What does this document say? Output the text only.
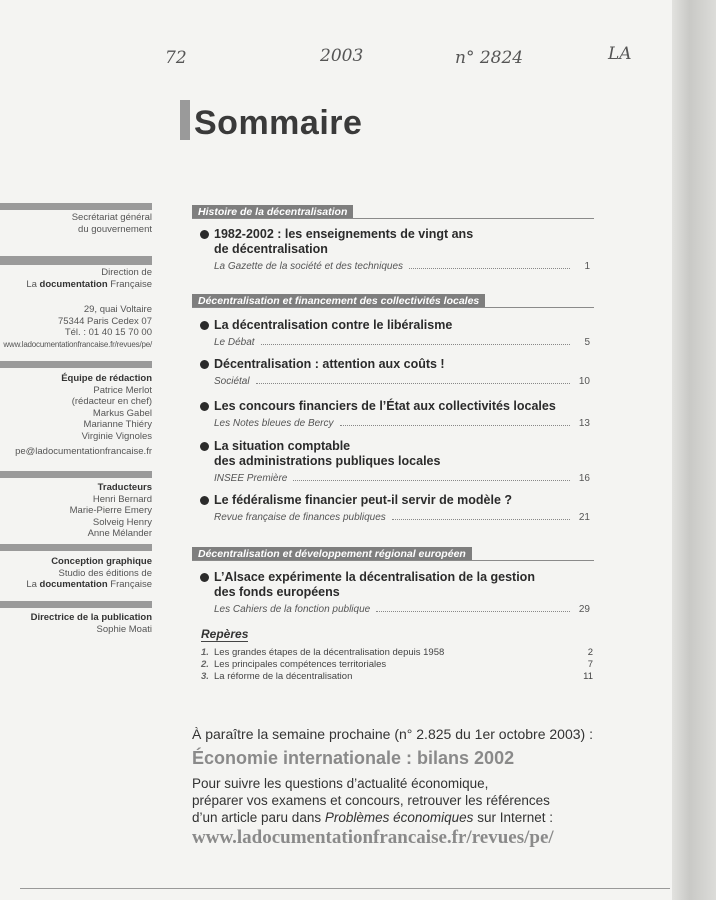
72	2003	n° 2824	LA
Sommaire
Secrétariat général
du gouvernement
Direction de
La documentation Française
29, quai Voltaire
75344 Paris Cedex 07
Tél. : 01 40 15 70 00
www.ladocumentationfrancaise.fr/revues/pe/
Équipe de rédaction
Patrice Merlot
(rédacteur en chef)
Markus Gabel
Marianne Thiéry
Virginie Vignoles
pe@ladocumentationfrancaise.fr
Traducteurs
Henri Bernard
Marie-Pierre Emery
Solveig Henry
Anne Mélander
Conception graphique
Studio des éditions de
La documentation Française
Directrice de la publication
Sophie Moati
Histoire de la décentralisation
1982-2002 : les enseignements de vingt ans
de décentralisation
La Gazette de la société et des techniques	1
Décentralisation et financement des collectivités locales
La décentralisation contre le libéralisme
Le Débat	5
Décentralisation : attention aux coûts !
Sociétal	10
Les concours financiers de l’État aux collectivités locales
Les Notes bleues de Bercy	13
La situation comptable
des administrations publiques locales
INSEE Première	16
Le fédéralisme financier peut-il servir de modèle ?
Revue française de finances publiques	21
Décentralisation et développement régional européen
L’Alsace expérimente la décentralisation de la gestion
des fonds européens
Les Cahiers de la fonction publique	29
Repères
1. Les grandes étapes de la décentralisation depuis 1958	2
2. Les principales compétences territoriales	7
3. La réforme de la décentralisation	11
À paraître la semaine prochaine (n° 2.825 du 1er octobre 2003) :
Économie internationale : bilans 2002
Pour suivre les questions d’actualité économique,
préparer vos examens et concours, retrouver les références
d’un article paru dans Problèmes économiques sur Internet :
www.ladocumentationfrancaise.fr/revues/pe/
